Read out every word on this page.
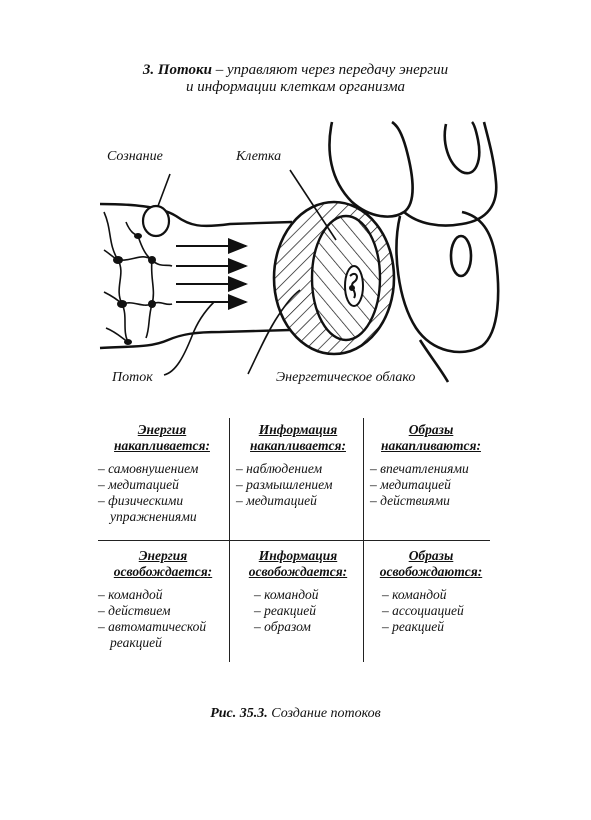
3. Потоки – управляют через передачу энергии
и информации клеткам организма
Сознание	Клетка
Поток	Энергетическое облако
Энергия
накапливается:
– самовнушением
– медитацией
– физическими упражнениями
Информация
накапливается:
– наблюдением
– размышлением
– медитацией
Образы
накапливаются:
– впечатлениями
– медитацией
– действиями
Энергия
освобождается:
– командой
– действием
– автоматической реакцией
Информация
освобождается:
– командой
– реакцией
– образом
Образы
освобождаются:
– командой
– ассоциацией
– реакцией
Рис. 35.3. Создание потоков
